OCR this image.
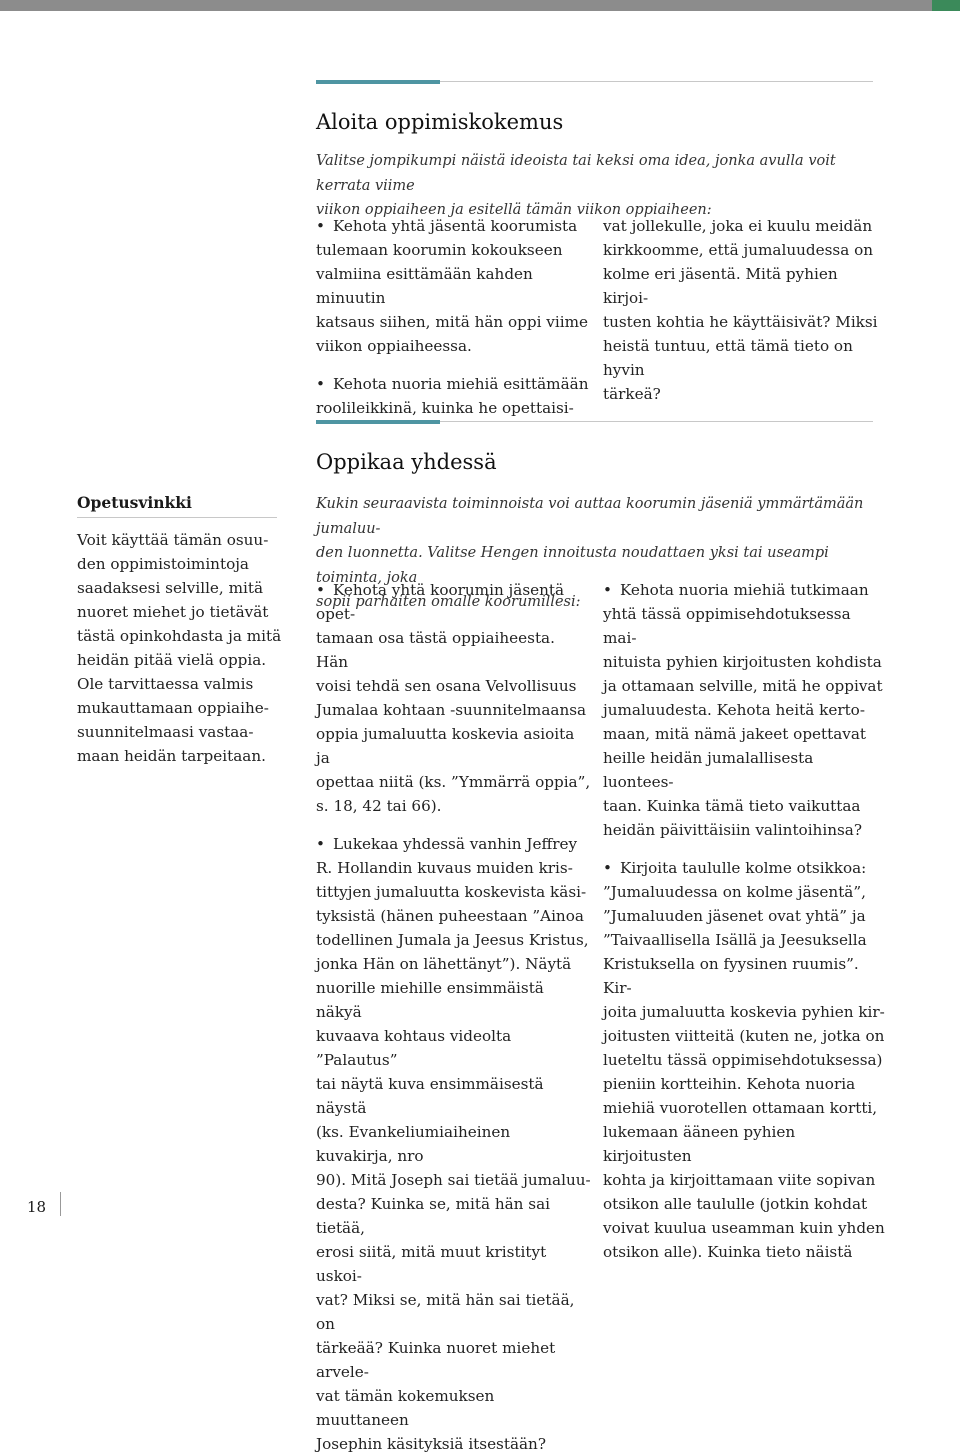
Aloita oppimiskokemus
Valitse jompikumpi näistä ideoista tai keksi oma idea, jonka avulla voit kerrata viime
viikon oppiaiheen ja esitellä tämän viikon oppiaiheen:

• Kehota yhtä jäsentä koorumista

tulemaan koorumin kokoukseen

valmiina esittämään kahden minuutin

katsaus siihen, mitä hän oppi viime

viikon oppiaiheessa.

• Kehota nuoria miehiä esittämään

roolileikkinä, kuinka he opettaisi-

vat jollekulle, joka ei kuulu meidän

kirkkoomme, että jumaluudessa on

kolme eri jäsentä. Mitä pyhien kirjoi-

tusten kohtia he käyttäisivät? Miksi

heistä tuntuu, että tämä tieto on hyvin

tärkeä?

Oppikaa yhdessä
Opetusvinkki
Voit käyttää tämän osuu-
den oppimistoimintoja
saadaksesi selville, mitä
nuoret miehet jo tietävät
tästä opinkohdasta ja mitä
heidän pitää vielä oppia.
Ole tarvittaessa valmis
mukauttamaan oppiaihe-
suunnitelmaasi vastaa-
maan heidän tarpeitaan.
Kukin seuraavista toiminnoista voi auttaa koorumin jäseniä ymmärtämään jumaluu-
den luonnetta. Valitse Hengen innoitusta noudattaen yksi tai useampi toiminta, joka
sopii parhaiten omalle koorumillesi:

• Kehota yhtä koorumin jäsentä opet-

tamaan osa tästä oppiaiheesta. Hän

voisi tehdä sen osana Velvollisuus

Jumalaa kohtaan -suunnitelmaansa

oppia jumaluutta koskevia asioita ja

opettaa niitä (ks. ”Ymmärrä oppia”,

s. 18, 42 tai 66).

• Lukekaa yhdessä vanhin Jeffrey

R. Hollandin kuvaus muiden kris-

tittyjen jumaluutta koskevista käsi-

tyksistä (hänen puheestaan ”Ainoa

todellinen Jumala ja Jeesus Kristus,

jonka Hän on lähettänyt”). Näytä

nuorille miehille ensimmäistä näkyä

kuvaava kohtaus videolta ”Palautus”

tai näytä kuva ensimmäisestä näystä

(ks. Evankeliumiaiheinen kuvakirja, nro

90). Mitä Joseph sai tietää jumaluu-

desta? Kuinka se, mitä hän sai tietää,

erosi siitä, mitä muut kristityt uskoi-

vat? Miksi se, mitä hän sai tietää, on

tärkeää? Kuinka nuoret miehet arvele-

vat tämän kokemuksen muuttaneen

Josephin käsityksiä itsestään?

• Kehota nuoria miehiä tutkimaan

yhtä tässä oppimisehdotuksessa mai-

nituista pyhien kirjoitusten kohdista

ja ottamaan selville, mitä he oppivat

jumaluudesta. Kehota heitä kerto-

maan, mitä nämä jakeet opettavat

heille heidän jumalallisesta luontees-

taan. Kuinka tämä tieto vaikuttaa

heidän päivittäisiin valintoihinsa?

• Kirjoita taululle kolme otsikkoa:

”Jumaluudessa on kolme jäsentä”,

”Jumaluuden jäsenet ovat yhtä” ja

”Taivaallisella Isällä ja Jeesuksella

Kristuksella on fyysinen ruumis”. Kir-

joita jumaluutta koskevia pyhien kir-

joitusten viitteitä (kuten ne, jotka on

lueteltu tässä oppimisehdotuksessa)

pieniin kortteihin. Kehota nuoria

miehiä vuorotellen ottamaan kortti,

lukemaan ääneen pyhien kirjoitusten

kohta ja kirjoittamaan viite sopivan

otsikon alle taululle (jotkin kohdat

voivat kuulua useamman kuin yhden

otsikon alle). Kuinka tieto näistä

18
